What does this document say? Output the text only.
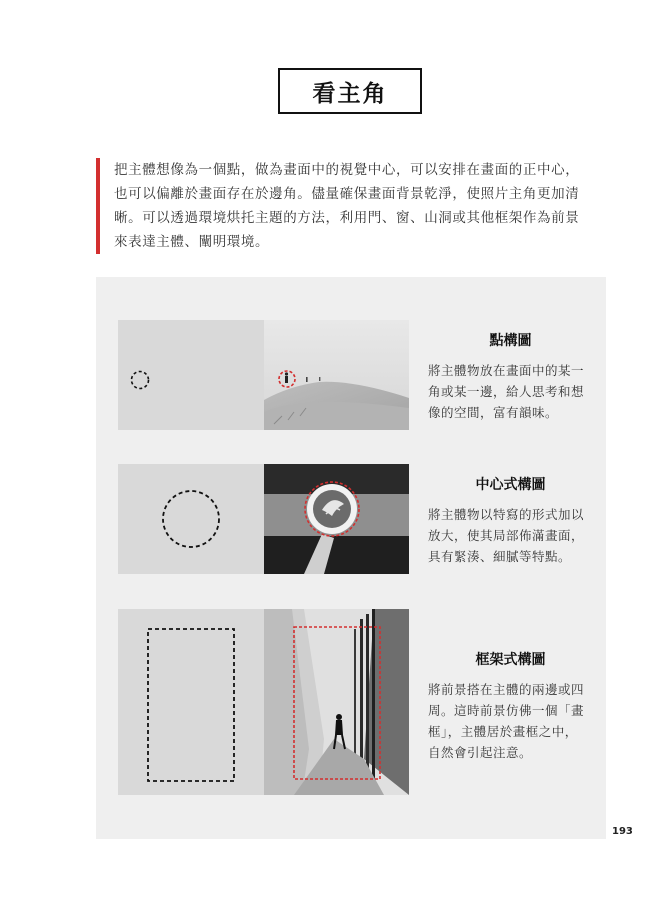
看主角

把主體想像為一個點，做為畫面中的視覺中心，可以安排在畫面的正中心，

也可以偏離於畫面存在於邊角。儘量確保畫面背景乾淨，使照片主角更加清

晰。可以透過環境烘托主題的方法，利用門、窗、山洞或其他框架作為前景

來表達主體、闡明環境。

點構圖

將主體物放在畫面中的某一

角或某一邊，給人思考和想

像的空間，富有韻味。

中心式構圖

將主體物以特寫的形式加以

放大，使其局部佈滿畫面，

具有緊湊、細膩等特點。

框架式構圖

將前景搭在主體的兩邊或四

周。這時前景仿佛一個「畫

框」，主體居於畫框之中，

自然會引起注意。

193
